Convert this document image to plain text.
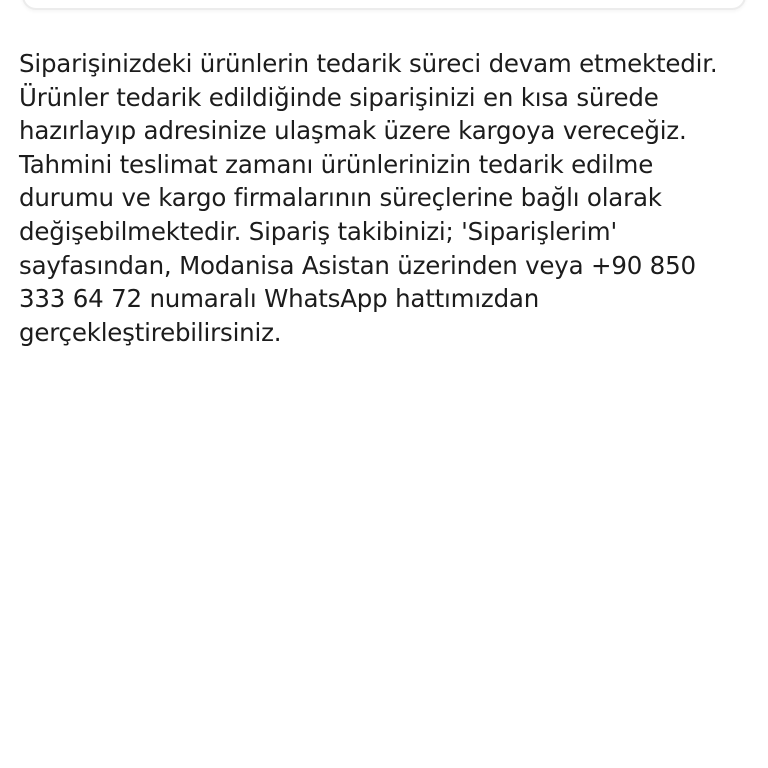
Siparişinizdeki ürünlerin tedarik süreci devam etmektedir.
Ürünler tedarik edildiğinde siparişinizi en kısa sürede
hazırlayıp adresinize ulaşmak üzere kargoya vereceğiz.
Tahmini teslimat zamanı ürünlerinizin tedarik edilme
durumu ve kargo firmalarının süreçlerine bağlı olarak
değişebilmektedir. Sipariş takibinizi; 'Siparişlerim'
sayfasından, Modanisa Asistan üzerinden veya +90 850
333 64 72 numaralı WhatsApp hattımızdan
gerçekleştirebilirsiniz.
